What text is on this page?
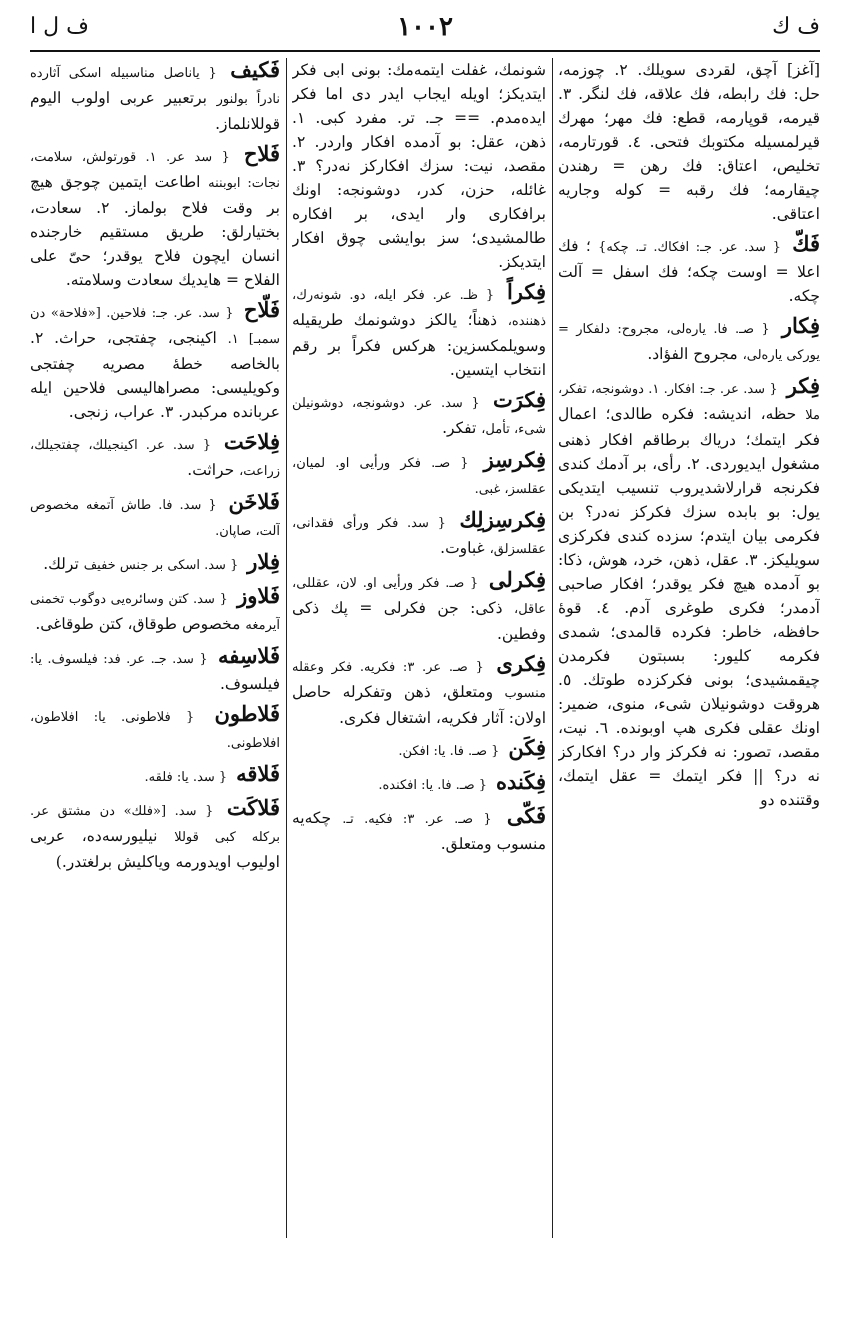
ف ك
١٠٠٢
ف ل ا

[آغز] آچق، لقردی سویلك. ٢. چوزمه، حل: فك رابطه، فك علاقه، فك لنگر. ٣. قیرمه، قوپارمه، قطع: فك مهر؛ مهرك قیرلمسیله مکتوبك فتحی. ٤. قورتارمه، تخلیص، اعتاق: فك رهن = رهندن چیقارمه؛ فك رقبه = كوله وجاریه اعتاقی.

فَكّ { سد. عر. جـ: افكاك. تـ. چكه} ؛ فك اعلا = اوست چكه؛ فك اسفل = آلت چكه.

فِكار { صـ. فا. یاره‌لی، مجروح: دلفكار = یوركی یاره‌لی، مجروح الفؤاد.

فِكر { سد. عر. جـ: افكار. ١. دوشونجه، تفكر، ملا حظه، اندیشه: فكره طالدی؛ اعمال فكر ایتمك؛ دریاك برطاقم افكار ذهنی مشغول ایدیوردی. ٢. رأی، بر آدمك كندی فكرنجه قرارلاشدیروب تنسیب ایتدیكی یول: بو بابده سزك فكركز نه‌در؟ بن فكرمی بیان ایتدم؛ سزده كندی فكركزی سویلیكز. ٣. عقل، ذهن، خرد، هوش، ذكا: بو آدمده هیچ فكر یوقدر؛ افكار صاحبی آدمدر؛ فكری طوغری آدم. ٤. قوهٔ حافظه، خاطر: فكرده قالمدی؛ شمدی فكرمه كلیور: بسبتون فكرمدن چیقمشیدی؛ بونی فكركزده طوتك. ٥. هروقت دوشونیلان شیء، منوی، ضمیر: اونك عقلی فكری هپ اوبونده. ٦. نیت، مقصد، تصور: نه فكركز وار در؟ افكاركز نه در؟ || فكر ایتمك = عقل ایتمك، وقتنده دو

شونمك، غفلت ایتمه‌مك: بونی ابی فكر ایتدیكز؛ اویله ایجاب ایدر دی اما فكر ایده‌مدم. == جـ. تر. مفرد كبی. ١. ذهن، عقل: بو آدمده افكار واردر. ٢. مقصد، نیت: سزك افكاركز نه‌در؟ ٣. غائله، حزن، كدر، دوشونجه: اونك برافكاری وار ایدی، بر افكاره طالمشیدی؛ سز بوایشی چوق افكار ایتدیكز.

فِكراً { ظـ. عر. فكر ایله، دو. شونه‌رك، ذهننده، ذهناً؛ یالكز دوشونمك طریقیله وسویلمكسزین: هركس فكراً بر رقم انتخاب ایتسین.

فِكرَت { سد. عر. دوشونجه، دوشونیلن شیء، تأمل، تفكر.

فِكرسِز { صـ. فكر ورأیی او. لمیان، عقلسز، غبی.

فِكرسِزلِك { سد. فكر ورأی فقدانی، عقلسزلق، غباوت.

فِكرلی { صـ. فكر ورأیی او. لان، عقللی، عاقل، ذكی: جن فكرلی = پك ذكی وفطین.

فِكری { صـ. عر. ٣: فكریه. فكر وعقله منسوب ومتعلق، ذهن وتفكرله حاصل اولان: آثار فكریه، اشتغال فكری.

فِكَن { صـ. فا. یا: افكن.

فِكَنده { صـ. فا. یا: افكنده.

فَكّی { صـ. عر. ٣: فكیه. تـ. چكه‌یه منسوب ومتعلق.

فَكیف { یاناصل مناسبیله اسكی آثارده نادراً بولنور برتعبیر عربی اولوب الیوم قوللانلماز.

فَلاح { سد عر. ١. قورتولش، سلامت، نجات: ابوبننه اطاعت ایتمین چوجق هیچ بر وقت فلاح بولماز. ٢. سعادت، بختیارلق: طریق مستقیم خارجنده انسان ایچون فلاح یوقدر؛ حیّ علی الفلاح = هایدیك سعادت وسلامته.

فَلّاح { سد. عر. جـ: فلاحین. [«فلاحة» دن سمبـ] ١. اكینجی، چفتجی، حراث. ٢. بالخاصه خطهٔ مصریه چفتجی وكویلیسی: مصراهالیسی فلاحین ایله عربانده مركبدر. ٣. عراب، زنجی.

فِلاحَت { سد. عر. اكینجیلك، چفتجیلك، زراعت، حراثت.

فَلاخَن { سد. فا. طاش آتمغه مخصوص آلت، صاپان.

فِلار { سد. اسكی بر جنس خفیف ترلك.

فَلاوز { سد. كتن وسائره‌یی دوگوب تخمنی آیرمغه مخصوص طوقاق، كتن طوقاغی.

فَلاسِفه { سد. جـ. عر. فد: فیلسوف. یا: فیلسوف.

فَلاطون { فلاطونی. یا: افلاطون، افلاطونی.

فَلاقه { سد. یا: فلقه.

فَلاكَت { سد. [«فلك» دن مشتق عر. بركله كبی قوللا نیلیورسه‌ده، عربی اولیوب اویدورمه ویاكلیش برلغتدر.)
